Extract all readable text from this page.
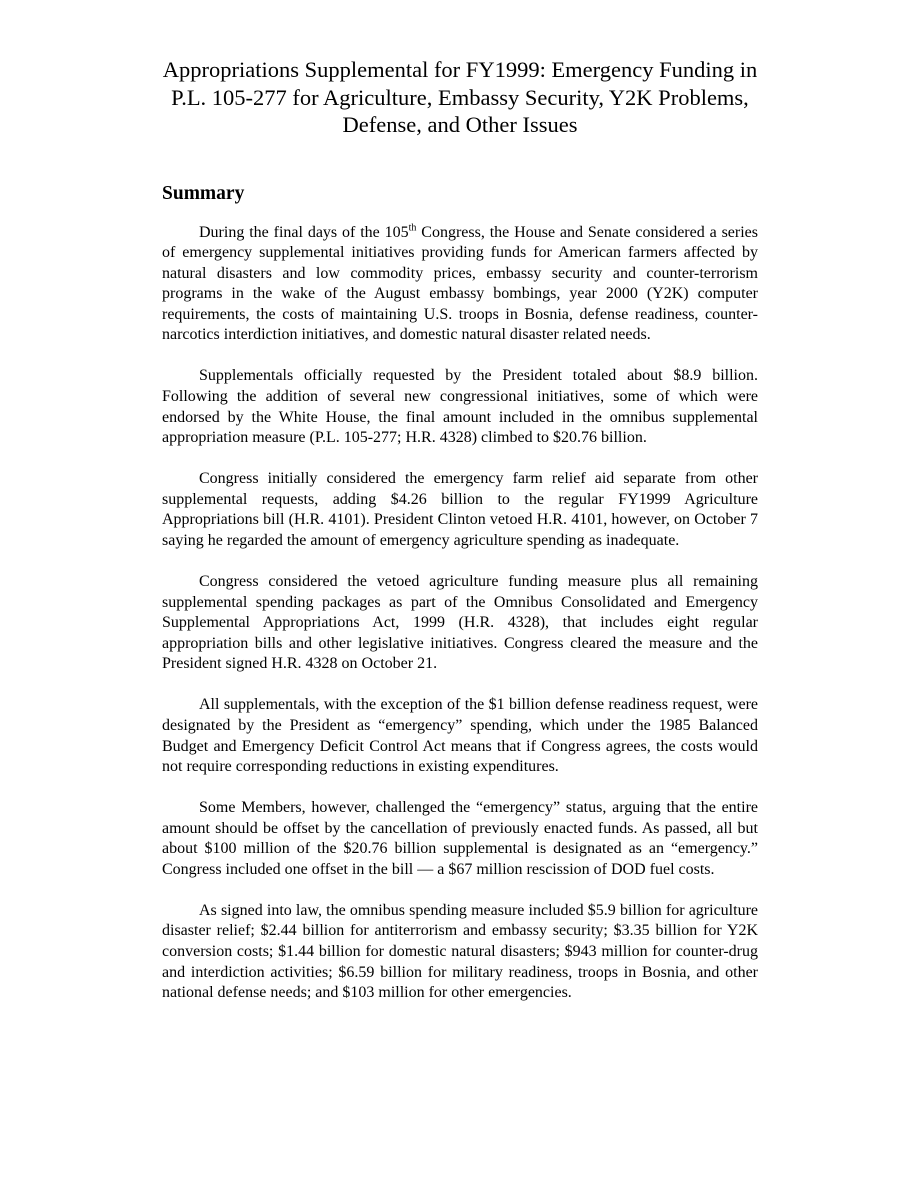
Appropriations Supplemental for FY1999: Emergency Funding in P.L. 105-277 for Agriculture, Embassy Security, Y2K Problems, Defense, and Other Issues
Summary

During the final days of the 105th Congress, the House and Senate considered a series of emergency supplemental initiatives providing funds for American farmers affected by natural disasters and low commodity prices, embassy security and counter-terrorism programs in the wake of the August embassy bombings, year 2000 (Y2K) computer requirements, the costs of maintaining U.S. troops in Bosnia, defense readiness, counter-narcotics interdiction initiatives, and domestic natural disaster related needs.

Supplementals officially requested by the President totaled about $8.9 billion. Following the addition of several new congressional initiatives, some of which were endorsed by the White House, the final amount included in the omnibus supplemental appropriation measure (P.L. 105-277; H.R. 4328) climbed to $20.76 billion.

Congress initially considered the emergency farm relief aid separate from other supplemental requests, adding $4.26 billion to the regular FY1999 Agriculture Appropriations bill (H.R. 4101). President Clinton vetoed H.R. 4101, however, on October 7 saying he regarded the amount of emergency agriculture spending as inadequate.

Congress considered the vetoed agriculture funding measure plus all remaining supplemental spending packages as part of the Omnibus Consolidated and Emergency Supplemental Appropriations Act, 1999 (H.R. 4328), that includes eight regular appropriation bills and other legislative initiatives. Congress cleared the measure and the President signed H.R. 4328 on October 21.

All supplementals, with the exception of the $1 billion defense readiness request, were designated by the President as “emergency” spending, which under the 1985 Balanced Budget and Emergency Deficit Control Act means that if Congress agrees, the costs would not require corresponding reductions in existing expenditures.

Some Members, however, challenged the “emergency” status, arguing that the entire amount should be offset by the cancellation of previously enacted funds. As passed, all but about $100 million of the $20.76 billion supplemental is designated as an “emergency.” Congress included one offset in the bill — a $67 million rescission of DOD fuel costs.

As signed into law, the omnibus spending measure included $5.9 billion for agriculture disaster relief; $2.44 billion for antiterrorism and embassy security; $3.35 billion for Y2K conversion costs; $1.44 billion for domestic natural disasters; $943 million for counter-drug and interdiction activities; $6.59 billion for military readiness, troops in Bosnia, and other national defense needs; and $103 million for other emergencies.
